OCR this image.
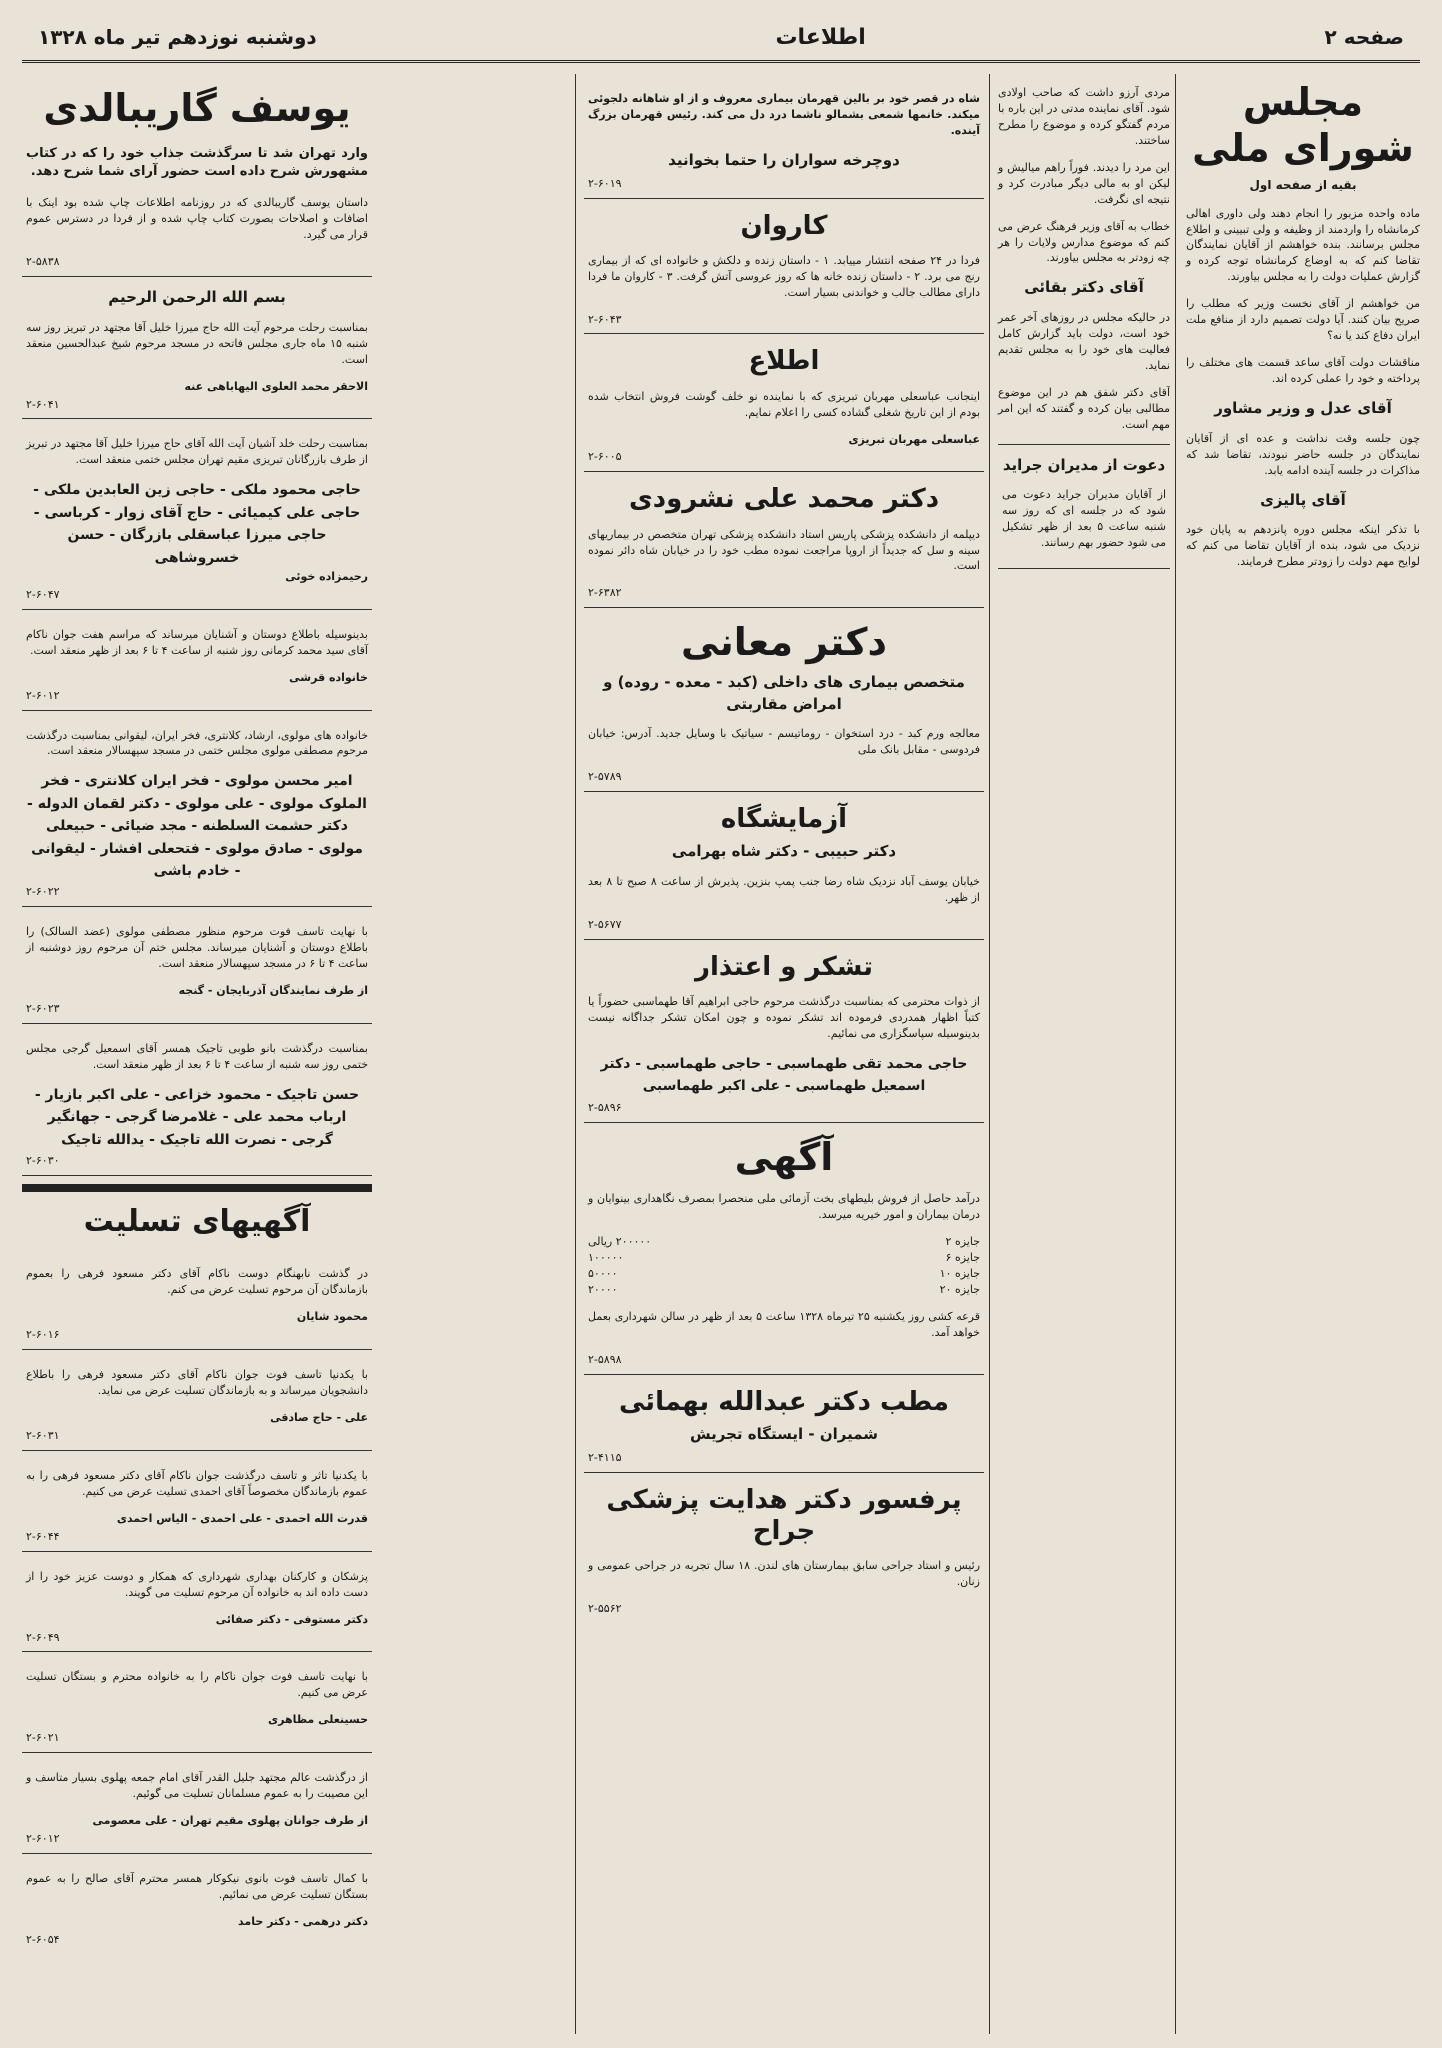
صفحه ۲
اطلاعات
دوشنبه نوزدهم تیر ماه ۱۳۲۸
مجلس شورای ملی
بقیه از صفحه اول

ماده واحده مزبور را انجام دهند ولی داوری اهالی کرمانشاه را واردمند از وظیفه و ولی تبیینی و اطلاع مجلس برسانند. بنده خواهشم از آقایان نمایندگان تقاضا کنم که به اوضاع کرمانشاه توجه کرده و گزارش عملیات دولت را به مجلس بیاورند.

من خواهشم از آقای نخست وزیر که مطلب را صریح بیان کنند. آیا دولت تصمیم دارد از منافع ملت ایران دفاع کند یا نه؟

مناقشات دولت آقای ساعد قسمت های مختلف را پرداخته و خود را عملی کرده اند.

آقای عدل و وزیر مشاور

چون جلسه وقت نداشت و عده ای از آقایان نمایندگان در جلسه حاضر نبودند، تقاضا شد که مذاکرات در جلسه آینده ادامه یابد.

آقای پالیزی

با تذکر اینکه مجلس دوره پانزدهم به پایان خود نزدیک می شود، بنده از آقایان تقاضا می کنم که لوایح مهم دولت را زودتر مطرح فرمایند.

مردی آرزو داشت که صاحب اولادی شود. آقای نماینده مدتی در این باره با مردم گفتگو کرده و موضوع را مطرح ساختند.

این مرد را دیدند. فوراً راهم میالیش و لیکن او به مالی دیگر مبادرت کرد و نتیجه ای نگرفت.

خطاب به آقای وزیر فرهنگ عرض می کنم که موضوع مدارس ولایات را هر چه زودتر به مجلس بیاورند.

آقای دکتر بقائی

در حالیکه مجلس در روزهای آخر عمر خود است، دولت باید گزارش کامل فعالیت های خود را به مجلس تقدیم نماید.

آقای دکتر شفق هم در این موضوع مطالبی بیان کرده و گفتند که این امر مهم است.

دعوت از مدیران جراید

از آقایان مدیران جراید دعوت می شود که در جلسه ای که روز سه شنبه ساعت ۵ بعد از ظهر تشکیل می شود حضور بهم رسانند.

شاه در قصر خود بر بالین قهرمان بیماری معروف و از او شاهانه دلجوئی میکند. خانمها شمعی بشمالو ناشما درد دل می کند. رئیس قهرمان بزرگ آینده.

دوچرخه سواران را حتما بخوانید
۲-۶۰۱۹
کاروان

فردا در ۲۴ صفحه انتشار مییابد. ۱ - داستان زنده و دلکش و خانواده ای که از بیماری رنج می برد. ۲ - داستان زنده خانه ها که روز عروسی آتش گرفت. ۳ - کاروان ما فردا دارای مطالب جالب و خواندنی بسیار است.

۲-۶۰۴۳
اطلاع

اینجانب عباسعلی مهربان تبریزی که با نماینده نو خلف گوشت فروش انتخاب شده بودم از این تاریخ شغلی گشاده کسی را اعلام نمایم.

عباسعلی مهربان تبریزی
۲-۶۰۰۵
دکتر محمد علی نشرودی

دیپلمه از دانشکده پزشکی پاریس استاد دانشکده پزشکی تهران متخصص در بیماریهای سینه و سل که جدیداً از اروپا مراجعت نموده مطب خود را در خیابان شاه دائر نموده است.

۲-۶۳۸۲
دکتر معانی
متخصص بیماری های داخلی (کبد - معده - روده) و امراض مقاربتی

معالجه ورم کبد - درد استخوان - روماتیسم - سیاتیک با وسایل جدید. آدرس: خیابان فردوسی - مقابل بانک ملی

۲-۵۷۸۹
آزمایشگاه
دکتر حبیبی - دکتر شاه بهرامی

خیابان یوسف آباد نزدیک شاه رضا جنب پمپ بنزین. پذیرش از ساعت ۸ صبح تا ۸ بعد از ظهر.

۲-۵۶۷۷
تشکر و اعتذار

از ذوات محترمی که بمناسبت درگذشت مرحوم حاجی ابراهیم آقا طهماسبی حضوراً یا کتباً اظهار همدردی فرموده اند تشکر نموده و چون امکان تشکر جداگانه نیست بدینوسیله سپاسگزاری می نمائیم.

حاجی محمد تقی طهماسبی - حاجی طهماسبی - دکتر اسمعیل طهماسبی - علی اکبر طهماسبی
۲-۵۸۹۶
آگهی

درآمد حاصل از فروش بلیطهای بخت آزمائی ملی منحصرا بمصرف نگاهداری بینوایان و درمان بیماران و امور خیریه میرسد.

جایزه ۲
۲۰۰۰۰۰ ریالی
جایزه ۶
۱۰۰۰۰۰
جایزه ۱۰
۵۰۰۰۰
جایزه ۲۰
۲۰۰۰۰

قرعه کشی روز یکشنبه ۲۵ تیرماه ۱۳۲۸ ساعت ۵ بعد از ظهر در سالن شهرداری بعمل خواهد آمد.

۲-۵۸۹۸
مطب دکتر عبدالله بهمائی
شمیران - ایستگاه تجریش
۲-۴۱۱۵
پرفسور دکتر هدایت پزشکی جراح

رئیس و استاد جراحی سابق بیمارستان های لندن. ۱۸ سال تجربه در جراحی عمومی و زنان.

۲-۵۵۶۲
یوسف گاریبالدی

وارد تهران شد تا سرگذشت جذاب خود را که در کتاب مشهورش شرح داده است حضور آرای شما شرح دهد.

داستان یوسف گاریبالدی که در روزنامه اطلاعات چاپ شده بود اینک با اضافات و اصلاحات بصورت کتاب چاپ شده و از فردا در دسترس عموم قرار می گیرد.

۲-۵۸۳۸
بسم الله الرحمن الرحیم

بمناسبت رحلت مرحوم آیت الله حاج میرزا خلیل آقا مجتهد در تبریز روز سه شنبه ۱۵ ماه جاری مجلس فاتحه در مسجد مرحوم شیخ عبدالحسین منعقد است.

الاحقر محمد العلوی الیهاباهی عنه
۲-۶۰۴۱

بمناسبت رحلت خلد آشیان آیت الله آقای حاج میرزا خلیل آقا مجتهد در تبریز از طرف بازرگانان تبریزی مقیم تهران مجلس ختمی منعقد است.

حاجی محمود ملکی - حاجی زین العابدین ملکی - حاجی علی کیمیائی - حاج آقای زوار - کرباسی - حاجی میرزا عباسقلی بازرگان - حسن خسروشاهی
رحیمزاده خوئی
۲-۶۰۴۷

بدینوسیله باطلاع دوستان و آشنایان میرساند که مراسم هفت جوان ناکام آقای سید محمد کرمانی روز شنبه از ساعت ۴ تا ۶ بعد از ظهر منعقد است.

خانواده قرشی
۲-۶۰۱۲

خانواده های مولوی، ارشاد، کلانتری، فخر ایران، لیقوانی بمناسبت درگذشت مرحوم مصطفی مولوی مجلس ختمی در مسجد سپهسالار منعقد است.

امیر محسن مولوی - فخر ایران کلانتری - فخر الملوک مولوی - علی مولوی - دکتر لقمان الدوله - دکتر حشمت السلطنه - مجد ضیائی - حبیعلی مولوی - صادق مولوی - فتحعلی افشار - لیقوانی - خادم باشی
۲-۶۰۲۲

با نهایت تاسف فوت مرحوم منظور مصطفی مولوی (عضد السالک) را باطلاع دوستان و آشنایان میرساند. مجلس ختم آن مرحوم روز دوشنبه از ساعت ۴ تا ۶ در مسجد سپهسالار منعقد است.

از طرف نمایندگان آذربایجان - گنجه
۲-۶۰۲۳

بمناسبت درگذشت بانو طوبی تاجیک همسر آقای اسمعیل گرجی مجلس ختمی روز سه شنبه از ساعت ۴ تا ۶ بعد از ظهر منعقد است.

حسن تاجیک - محمود خزاعی - علی اکبر بازیار - ارباب محمد علی - غلامرضا گرجی - جهانگیر گرجی - نصرت الله تاجیک - یدالله تاجیک
۲-۶۰۳۰
آگهیهای تسلیت

در گذشت نابهنگام دوست ناکام آقای دکتر مسعود فرهی را بعموم بازماندگان آن مرحوم تسلیت عرض می کنم.

محمود شایان
۲-۶۰۱۶

با یکدنیا تاسف فوت جوان ناکام آقای دکتر مسعود فرهی را باطلاع دانشجویان میرساند و به بازماندگان تسلیت عرض می نماید.

علی - حاج صادقی
۲-۶۰۳۱

با یکدنیا تاثر و تاسف درگذشت جوان ناکام آقای دکتر مسعود فرهی را به عموم بازماندگان مخصوصاً آقای احمدی تسلیت عرض می کنیم.

قدرت الله احمدی - علی احمدی - الیاس احمدی
۲-۶۰۴۴

پزشکان و کارکنان بهداری شهرداری که همکار و دوست عزیز خود را از دست داده اند به خانواده آن مرحوم تسلیت می گویند.

دکتر مستوفی - دکتر صفائی
۲-۶۰۴۹

با نهایت تاسف فوت جوان ناکام را به خانواده محترم و بستگان تسلیت عرض می کنیم.

حسینعلی مظاهری
۲-۶۰۲۱

از درگذشت عالم مجتهد جلیل القدر آقای امام جمعه پهلوی بسیار متاسف و این مصیبت را به عموم مسلمانان تسلیت می گوئیم.

از طرف جوانان پهلوی مقیم تهران - علی معصومی
۲-۶۰۱۲

با کمال تاسف فوت بانوی نیکوکار همسر محترم آقای صالح را به عموم بستگان تسلیت عرض می نمائیم.

دکتر درهمی - دکتر حامد
۲-۶۰۵۴
